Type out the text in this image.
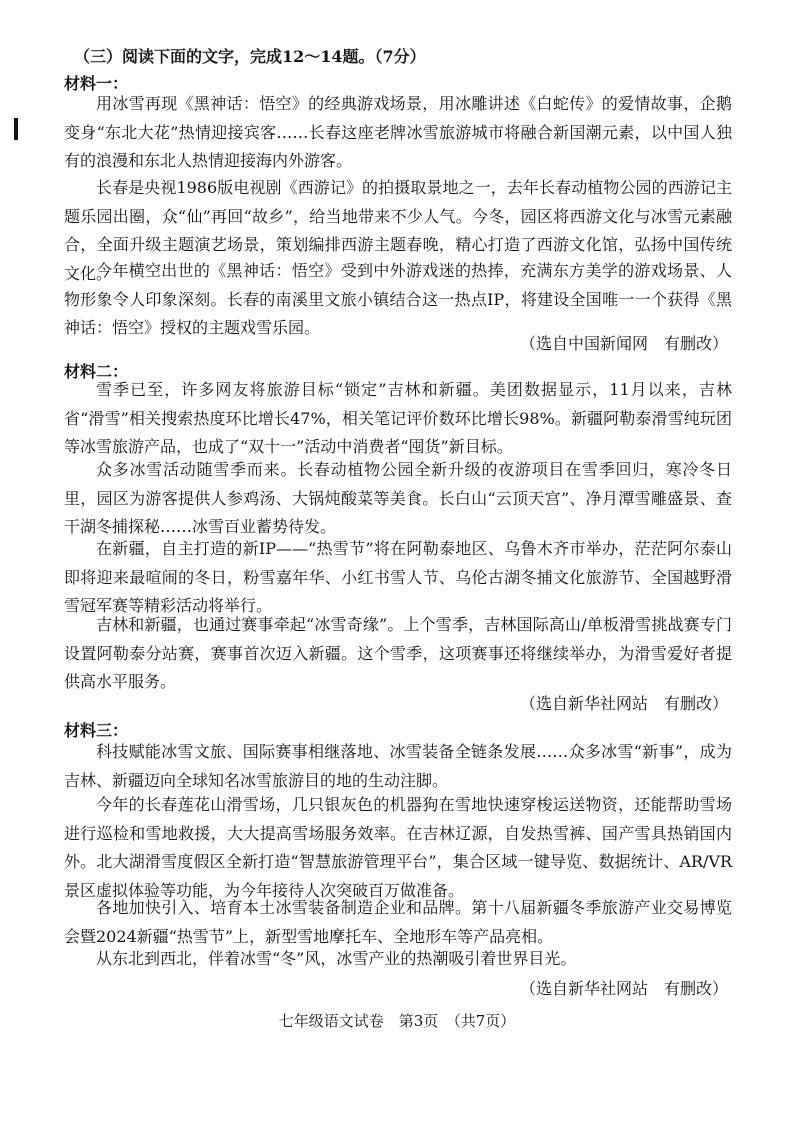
（三）阅读下面的文字，完成12～14题。（7分）
材料一：

用冰雪再现《黑神话：悟空》的经典游戏场景，用冰雕讲述《白蛇传》的爱情故事，企鹅变身“东北大花”热情迎接宾客……长春这座老牌冰雪旅游城市将融合新国潮元素，以中国人独有的浪漫和东北人热情迎接海内外游客。

长春是央视1986版电视剧《西游记》的拍摄取景地之一，去年长春动植物公园的西游记主题乐园出圈，众“仙”再回“故乡”，给当地带来不少人气。今冬，园区将西游文化与冰雪元素融合，全面升级主题演艺场景，策划编排西游主题春晚，精心打造了西游文化馆，弘扬中国传统文化。

今年横空出世的《黑神话：悟空》受到中外游戏迷的热捧，充满东方美学的游戏场景、人物形象令人印象深刻。长春的南溪里文旅小镇结合这一热点IP，将建设全国唯一一个获得《黑神话：悟空》授权的主题戏雪乐园。

（选自中国新闻网　有删改）
材料二：

雪季已至，许多网友将旅游目标“锁定”吉林和新疆。美团数据显示，11月以来，吉林省“滑雪”相关搜索热度环比增长47%，相关笔记评价数环比增长98%。新疆阿勒泰滑雪纯玩团等冰雪旅游产品，也成了“双十一”活动中消费者“囤货”新目标。

众多冰雪活动随雪季而来。长春动植物公园全新升级的夜游项目在雪季回归，寒冷冬日里，园区为游客提供人参鸡汤、大锅炖酸菜等美食。长白山“云顶天宫”、净月潭雪雕盛景、查干湖冬捕探秘……冰雪百业蓄势待发。

在新疆，自主打造的新IP——“热雪节”将在阿勒泰地区、乌鲁木齐市举办，茫茫阿尔泰山即将迎来最喧闹的冬日，粉雪嘉年华、小红书雪人节、乌伦古湖冬捕文化旅游节、全国越野滑雪冠军赛等精彩活动将举行。

吉林和新疆，也通过赛事牵起“冰雪奇缘”。上个雪季，吉林国际高山/单板滑雪挑战赛专门设置阿勒泰分站赛，赛事首次迈入新疆。这个雪季，这项赛事还将继续举办，为滑雪爱好者提供高水平服务。

（选自新华社网站　有删改）
材料三：

科技赋能冰雪文旅、国际赛事相继落地、冰雪装备全链条发展……众多冰雪“新事”，成为吉林、新疆迈向全球知名冰雪旅游目的地的生动注脚。

今年的长春莲花山滑雪场，几只银灰色的机器狗在雪地快速穿梭运送物资，还能帮助雪场进行巡检和雪地救援，大大提高雪场服务效率。在吉林辽源，自发热雪裤、国产雪具热销国内外。北大湖滑雪度假区全新打造“智慧旅游管理平台”，集合区域一键导览、数据统计、AR/VR景区虚拟体验等功能，为今年接待人次突破百万做准备。

各地加快引入、培育本土冰雪装备制造企业和品牌。第十八届新疆冬季旅游产业交易博览会暨2024新疆“热雪节”上，新型雪地摩托车、全地形车等产品亮相。

从东北到西北，伴着冰雪“冬”风，冰雪产业的热潮吸引着世界目光。

（选自新华社网站　有删改）
七年级语文试卷　第3页　（共7页）
